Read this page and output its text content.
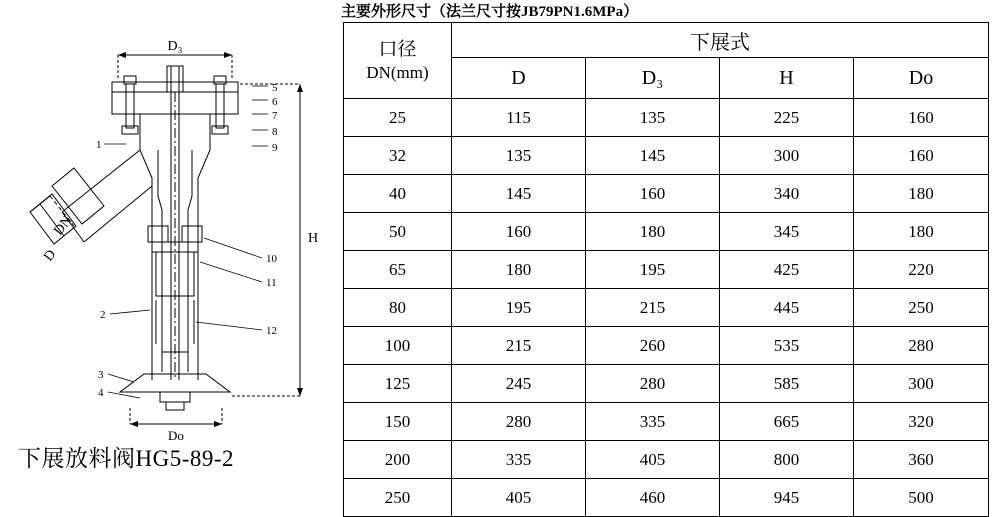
D₃
Do
H
DN
D
5
6
7
8
9
10
11
12
1
2
3
4
下展放料阀HG5-89-2
主要外形尺寸（法兰尺寸按JB79PN1.6MPa）
口径
DN(mm)	下展式			
	D	D₃	H	Do
25	115	135	225	160
32	135	145	300	160
40	145	160	340	180
50	160	180	345	180
65	180	195	425	220
80	195	215	445	250
100	215	260	535	280
125	245	280	585	300
150	280	335	665	320
200	335	405	800	360
250	405	460	945	500
